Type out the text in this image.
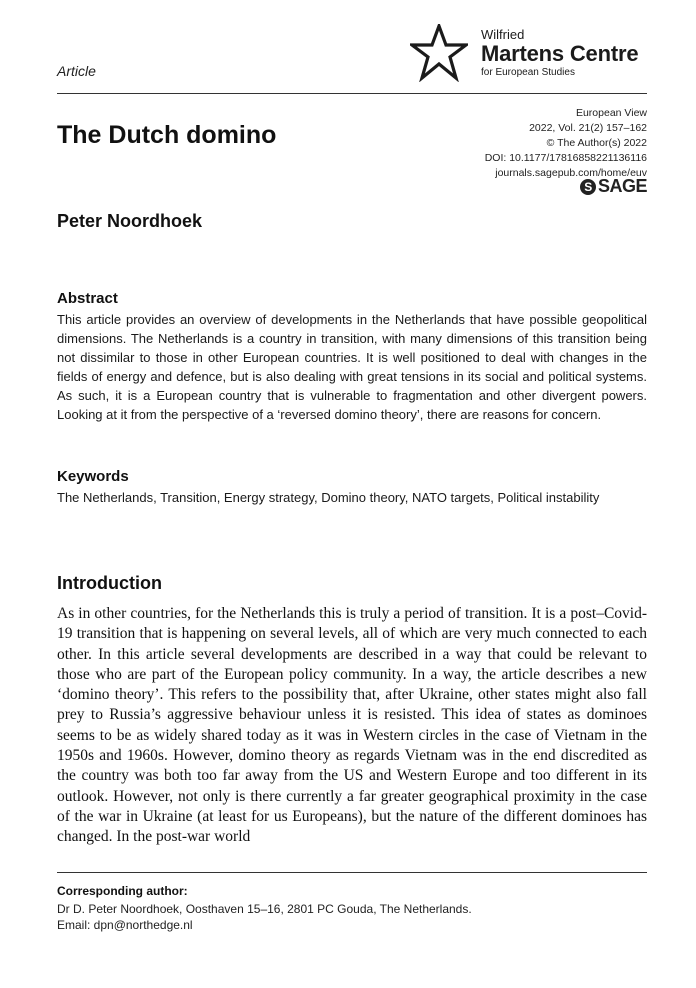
Article
Wilfried
Martens Centre
for European Studies
The Dutch domino
European View
2022, Vol. 21(2) 157–162
© The Author(s) 2022
DOI: 10.1177/17816858221136116
journals.sagepub.com/home/euv
S SAGE
Peter Noordhoek
Abstract
This article provides an overview of developments in the Netherlands that have possible geopolitical dimensions. The Netherlands is a country in transition, with many dimensions of this transition being not dissimilar to those in other European countries. It is well positioned to deal with changes in the fields of energy and defence, but is also dealing with great tensions in its social and political systems. As such, it is a European country that is vulnerable to fragmentation and other divergent powers. Looking at it from the perspective of a ‘reversed domino theory’, there are reasons for concern.
Keywords
The Netherlands, Transition, Energy strategy, Domino theory, NATO targets, Political instability
Introduction
As in other countries, for the Netherlands this is truly a period of transition. It is a post–Covid-19 transition that is happening on several levels, all of which are very much connected to each other. In this article several developments are described in a way that could be relevant to those who are part of the European policy community. In a way, the article describes a new ‘domino theory’. This refers to the possibility that, after Ukraine, other states might also fall prey to Russia’s aggressive behaviour unless it is resisted. This idea of states as dominoes seems to be as widely shared today as it was in Western circles in the case of Vietnam in the 1950s and 1960s. However, domino theory as regards Vietnam was in the end discredited as the country was both too far away from the US and Western Europe and too different in its outlook. However, not only is there currently a far greater geographical proximity in the case of the war in Ukraine (at least for us Europeans), but the nature of the different dominoes has changed. In the post-war world
Corresponding author:
Dr D. Peter Noordhoek, Oosthaven 15–16, 2801 PC Gouda, The Netherlands.
Email: dpn@northedge.nl
